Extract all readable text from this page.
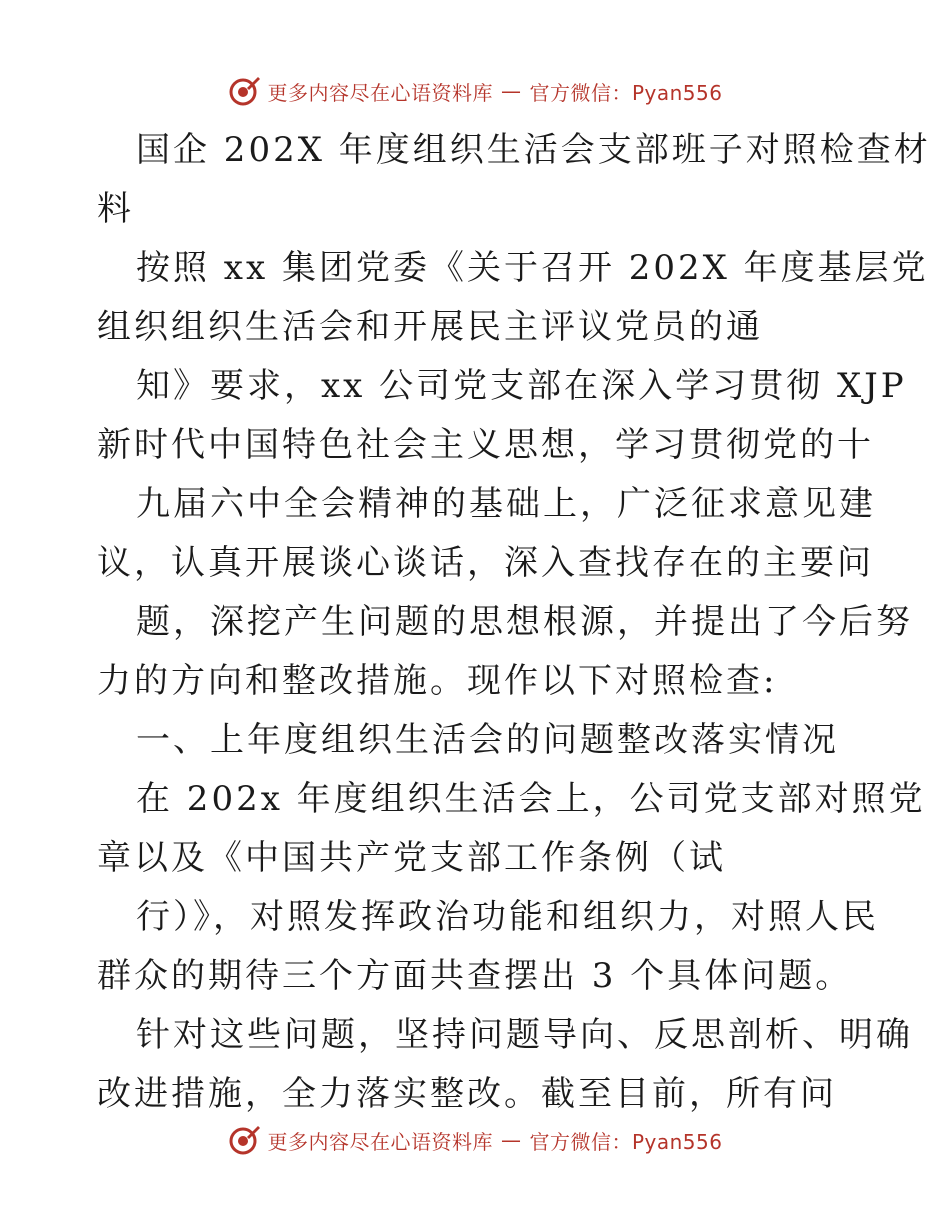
更多内容尽在心语资料库 — 官方微信：Pyan556
国企 202X 年度组织生活会支部班子对照检查材
料
按照 xx 集团党委《关于召开 202X 年度基层党
组织组织生活会和开展民主评议党员的通
知》要求，xx 公司党支部在深入学习贯彻 XJP
新时代中国特色社会主义思想，学习贯彻党的十
九届六中全会精神的基础上，广泛征求意见建
议，认真开展谈心谈话，深入查找存在的主要问
题，深挖产生问题的思想根源，并提出了今后努
力的方向和整改措施。现作以下对照检查:
一、上年度组织生活会的问题整改落实情况
在 202x 年度组织生活会上，公司党支部对照党
章以及《中国共产党支部工作条例（试
行）》，对照发挥政治功能和组织力，对照人民
群众的期待三个方面共查摆出 3 个具体问题。
针对这些问题，坚持问题导向、反思剖析、明确
改进措施，全力落实整改。截至目前，所有问
更多内容尽在心语资料库 — 官方微信：Pyan556
